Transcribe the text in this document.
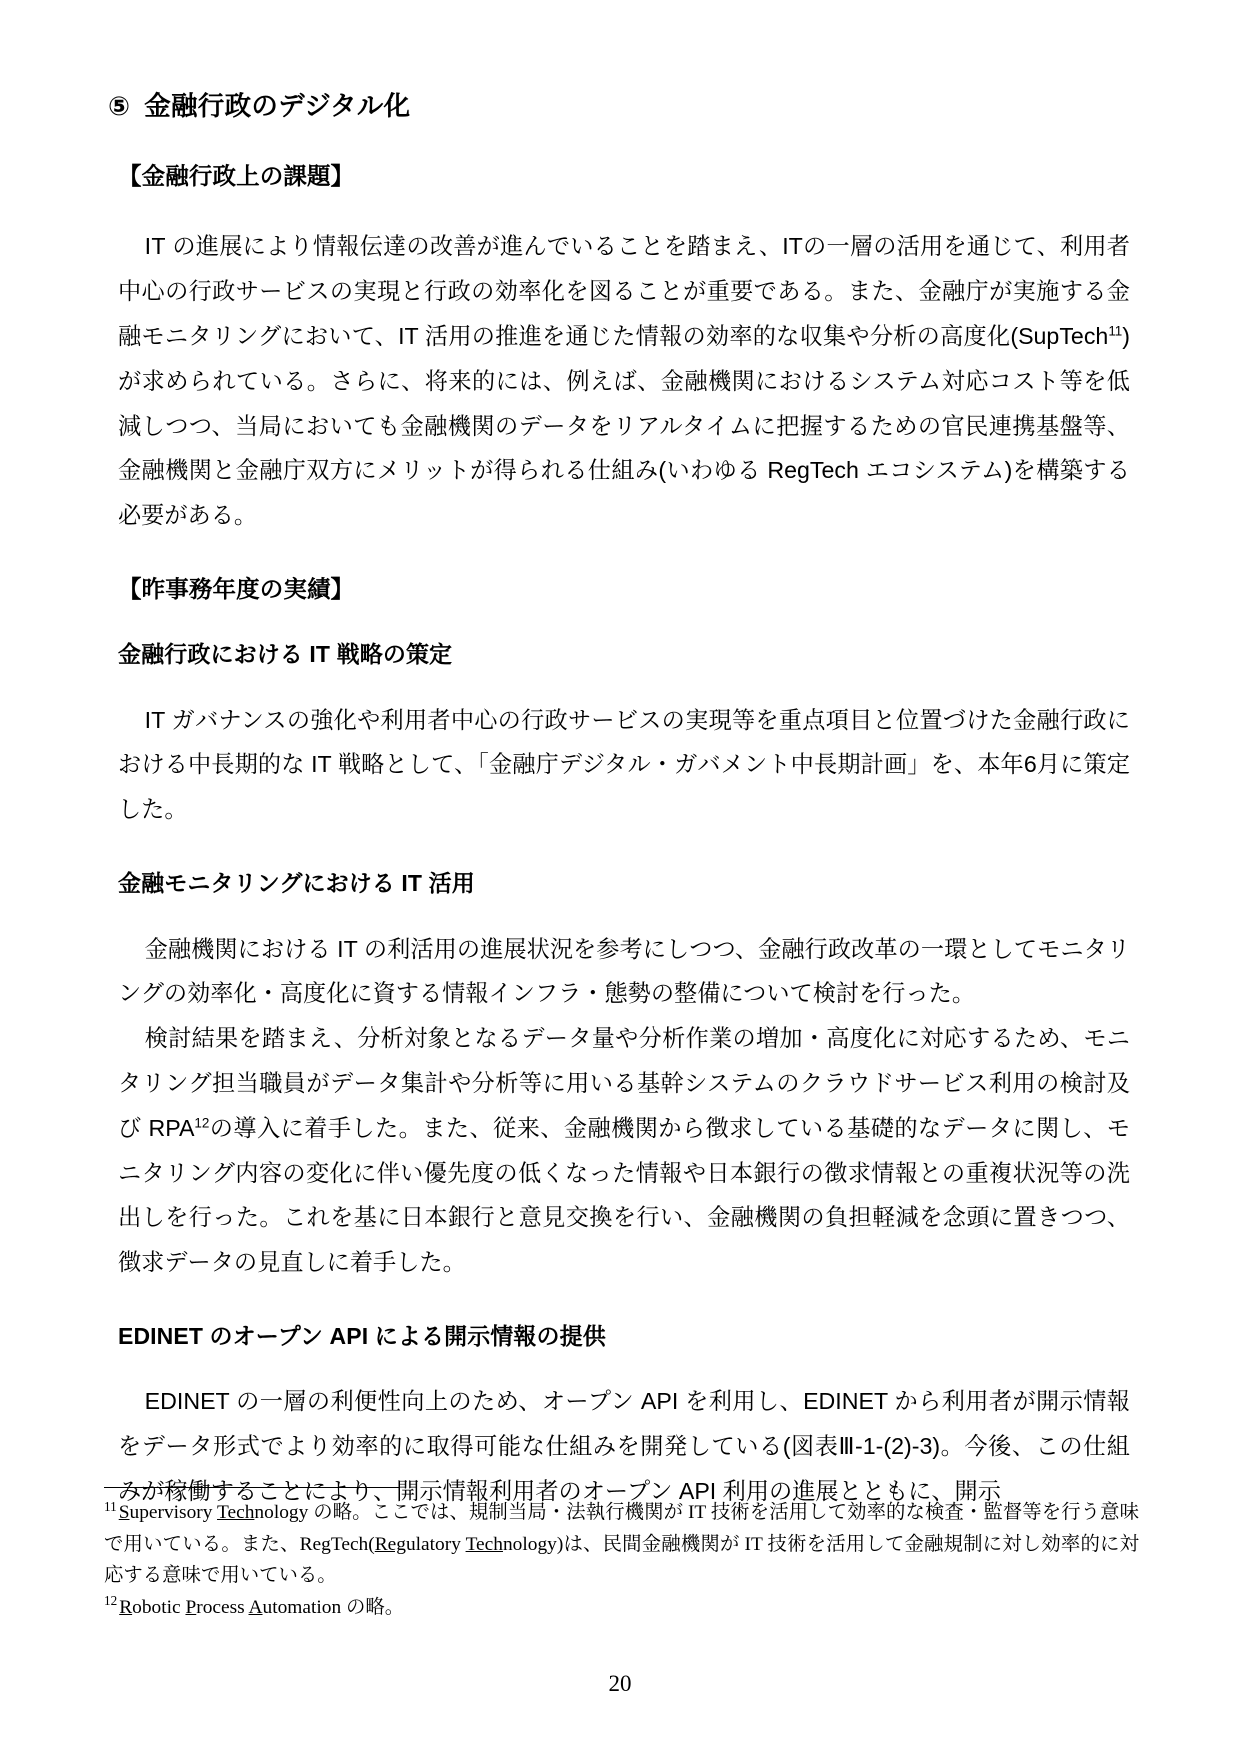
⑤ 金融行政のデジタル化
【金融行政上の課題】

IT の進展により情報伝達の改善が進んでいることを踏まえ、ITの一層の活用を通じて、利用者中心の行政サービスの実現と行政の効率化を図ることが重要である。また、金融庁が実施する金融モニタリングにおいて、IT 活用の推進を通じた情報の効率的な収集や分析の高度化(SupTech$^{11}$)が求められている。さらに、将来的には、例えば、金融機関におけるシステム対応コスト等を低減しつつ、当局においても金融機関のデータをリアルタイムに把握するための官民連携基盤等、金融機関と金融庁双方にメリットが得られる仕組み(いわゆる RegTech エコシステム)を構築する必要がある。

【昨事務年度の実績】
金融行政における IT 戦略の策定

IT ガバナンスの強化や利用者中心の行政サービスの実現等を重点項目と位置づけた金融行政における中長期的な IT 戦略として、「金融庁デジタル・ガバメント中長期計画」を、本年6月に策定した。

金融モニタリングにおける IT 活用

金融機関における IT の利活用の進展状況を参考にしつつ、金融行政改革の一環としてモニタリングの効率化・高度化に資する情報インフラ・態勢の整備について検討を行った。

検討結果を踏まえ、分析対象となるデータ量や分析作業の増加・高度化に対応するため、モニタリング担当職員がデータ集計や分析等に用いる基幹システムのクラウドサービス利用の検討及び RPA$^{12}$の導入に着手した。また、従来、金融機関から徴求している基礎的なデータに関し、モニタリング内容の変化に伴い優先度の低くなった情報や日本銀行の徴求情報との重複状況等の洗出しを行った。これを基に日本銀行と意見交換を行い、金融機関の負担軽減を念頭に置きつつ、徴求データの見直しに着手した。

EDINET のオープン API による開示情報の提供

EDINET の一層の利便性向上のため、オープン API を利用し、EDINET から利用者が開示情報をデータ形式でより効率的に取得可能な仕組みを開発している(図表Ⅲ-1-(2)-3)。今後、この仕組みが稼働することにより、開示情報利用者のオープン API 利用の進展とともに、開示

$^{11}$ Supervisory Technology の略。ここでは、規制当局・法執行機関が IT 技術を活用して効率的な検査・監督等を行う意味で用いている。また、RegTech(Regulatory Technology)は、民間金融機関が IT 技術を活用して金融規制に対し効率的に対応する意味で用いている。

$^{12}$ Robotic Process Automation の略。

20
